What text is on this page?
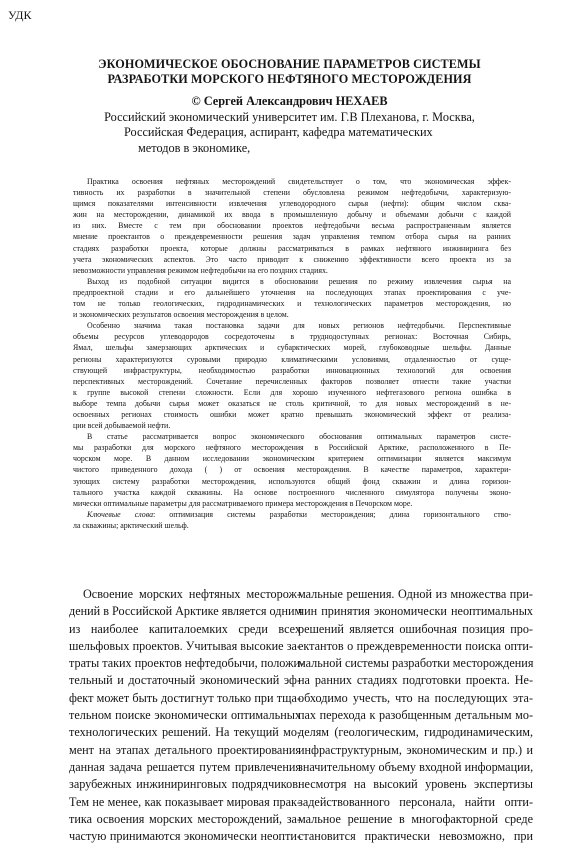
УДК
ЭКОНОМИЧЕСКОЕ ОБОСНОВАНИЕ ПАРАМЕТРОВ СИСТЕМЫ
РАЗРАБОТКИ МОРСКОГО НЕФТЯНОГО МЕСТОРОЖДЕНИЯ
© Сергей Александрович НЕХАЕВ
Российский экономический университет им. Г.В Плеханова, г. Москва,
Российская Федерация, аспирант, кафедра математических
методов в экономике,
Практика освоения нефтяных месторождений свидетельствует о том, что экономическая эффек-
тивность их разработки в значительной степени обусловлена режимом нефтедобычи, характеризую-
щимся показателями интенсивности извлечения углеводородного сырья (нефти): общим числом сква-
жин на месторождении, динамикой их ввода в промышленную добычу и объемами добычи с каждой
из них. Вместе с тем при обосновании проектов нефтедобычи весьма распространенным является
мнение проектантов о преждевременности решения задач управления темпом отбора сырья на ранних
стадиях разработки проекта, которые должны рассматриваться в рамках нефтяного инжиниринга без
учета экономических аспектов. Это часто приводит к снижению эффективности всего проекта из за
невозможности управления режимом нефтедобычи на его поздних стадиях.
Выход из подобной ситуации видится в обосновании решения по режиму извлечения сырья на
предпроектной стадии и его дальнейшего уточнения на последующих этапах проектирования с уче-
том не только геологических, гидродинамических и технологических параметров месторождения, но
и экономических результатов освоения месторождения в целом.
Особенно значима такая постановка задачи для новых регионов нефтедобычи. Перспективные
объемы ресурсов углеводородов сосредоточены в труднодоступных регионах: Восточная Сибирь,
Ямал, шельфы замерзающих арктических и субарктических морей, глубоководные шельфы. Данные
регионы характеризуются суровыми природно климатическими условиями, отдаленностью от суще-
ствующей инфраструктуры, необходимостью разработки инновационных технологий для освоения
перспективных месторождений. Сочетание перечисленных факторов позволяет отнести такие участки
к группе высокой степени сложности. Если для хорошо изученного нефтегазового региона ошибка в
выборе темпа добычи сырья может оказаться не столь критичной, то для новых месторождений в не-
освоенных регионах стоимость ошибки может кратно превышать экономический эффект от реализа-
ции всей добываемой нефти.
В статье рассматривается вопрос экономического обоснования оптимальных параметров систе-
мы разработки для морского нефтяного месторождения в Российской Арктике, расположенного в Пе-
чорском море. В данном исследовании экономическим критерием оптимизации является максимум
чистого приведенного дохода ( ) от освоения месторождения. В качестве параметров, характери-
зующих систему разработки месторождения, используются общий фонд скважин и длина горизон-
тального участка каждой скважины. На основе построенного численного симулятора получены эконо-
мически оптимальные параметры для рассматриваемого примера месторождения в Печорском море.
Ключевые слова: оптимизация системы разработки месторождения; длина горизонтального ство-
ла скважины; арктический шельф.
Освоение морских нефтяных месторож-
дений в Российской Арктике является одним
из наиболее капиталоемких среди всех
шельфовых проектов. Учитывая высокие за-
траты таких проектов нефтедобычи, положи-
тельный и достаточный экономический эф-
фект может быть достигнут только при тща-
тельном поиске экономически оптимальных
технологических решений. На текущий мо-
мент на этапах детального проектирования
данная задача решается путем привлечения
зарубежных инжиниринговых подрядчиков.
Тем не менее, как показывает мировая прак-
тика освоения морских месторождений, за-
частую принимаются экономически неопти-
мальные решения. Одной из множества при-
чин принятия экономически неоптимальных
решений является ошибочная позиция про-
ектантов о преждевременности поиска опти-
мальной системы разработки месторождения
на ранних стадиях подготовки проекта. Не-
обходимо учесть, что на последующих эта-
пах перехода к разобщенным детальным мо-
делям (геологическим, гидродинамическим,
инфраструктурным, экономическим и пр.) и
значительному объему входной информации,
несмотря на высокий уровень экспертизы
задействованного персонала, найти опти-
мальное решение в многофакторной среде
становится практически невозможно, при
